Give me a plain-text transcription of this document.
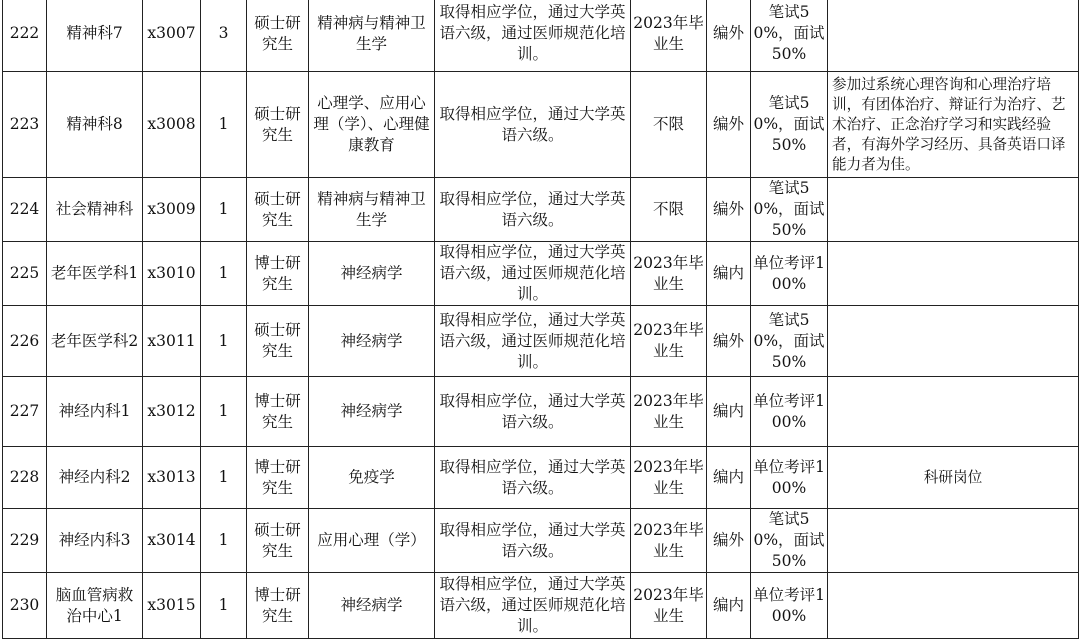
222	精神科7	x3007	3	硕士研究生	精神病与精神卫生学	取得相应学位，通过大学英语六级，通过医师规范化培训。	2023年毕业生	编外	笔试50%，面试50%	
223	精神科8	x3008	1	硕士研究生	心理学、应用心理（学）、心理健康教育	取得相应学位，通过大学英语六级。	不限	编外	笔试50%，面试50%	参加过系统心理咨询和心理治疗培训，有团体治疗、辩证行为治疗、艺术治疗、正念治疗学习和实践经验者，有海外学习经历、具备英语口译能力者为佳。
224	社会精神科	x3009	1	硕士研究生	精神病与精神卫生学	取得相应学位，通过大学英语六级。	不限	编外	笔试50%，面试50%	
225	老年医学科1	x3010	1	博士研究生	神经病学	取得相应学位，通过大学英语六级，通过医师规范化培训。	2023年毕业生	编内	单位考评100%	
226	老年医学科2	x3011	1	硕士研究生	神经病学	取得相应学位，通过大学英语六级，通过医师规范化培训。	2023年毕业生	编外	笔试50%，面试50%	
227	神经内科1	x3012	1	博士研究生	神经病学	取得相应学位，通过大学英语六级。	2023年毕业生	编内	单位考评100%	
228	神经内科2	x3013	1	博士研究生	免疫学	取得相应学位，通过大学英语六级。	2023年毕业生	编内	单位考评100%	科研岗位
229	神经内科3	x3014	1	硕士研究生	应用心理（学）	取得相应学位，通过大学英语六级。	2023年毕业生	编外	笔试50%，面试50%	
230	脑血管病救治中心1	x3015	1	博士研究生	神经病学	取得相应学位，通过大学英语六级，通过医师规范化培训。	2023年毕业生	编内	单位考评100%	
